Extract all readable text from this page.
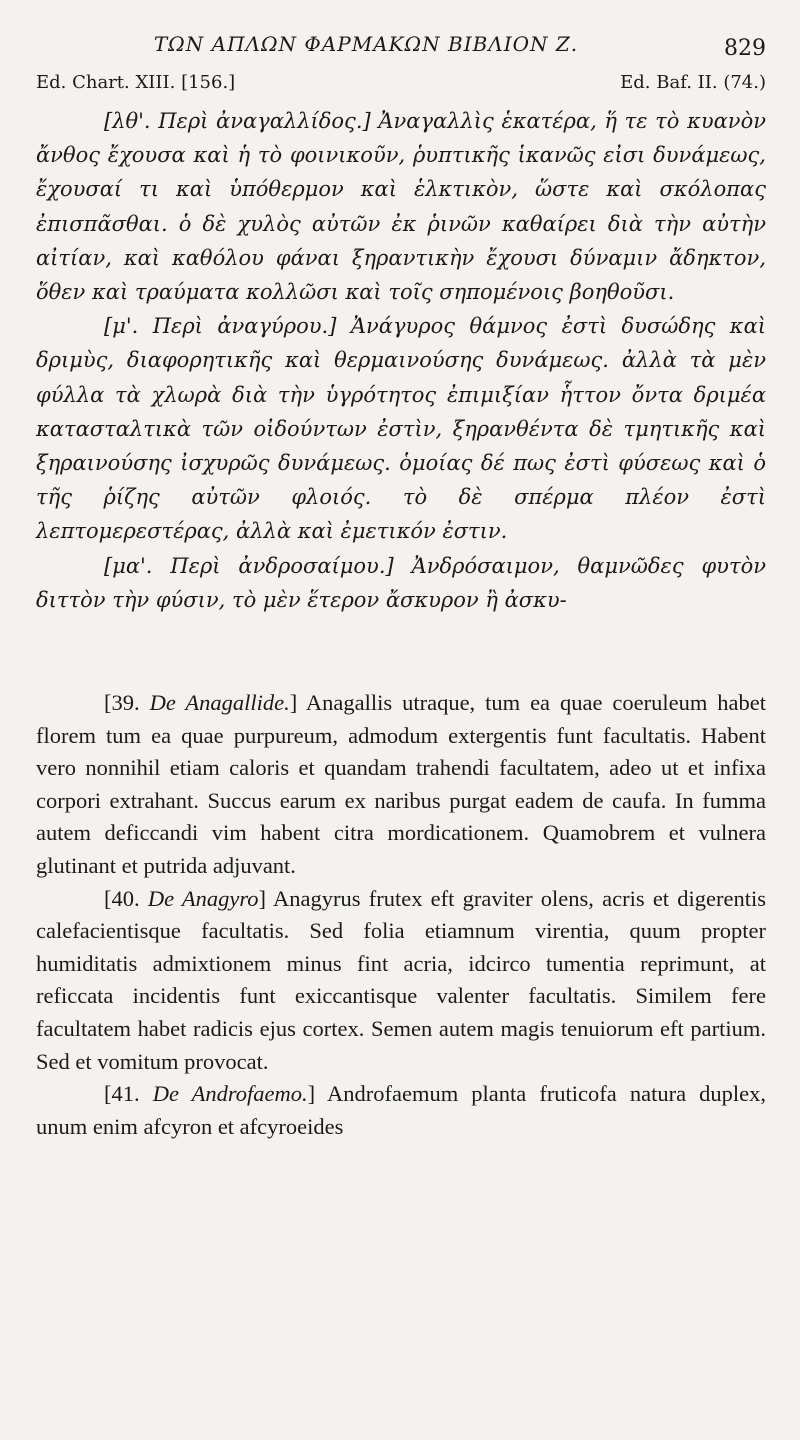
ΤΩΝ ΑΠΛΩΝ ΦΑΡΜΑΚΩΝ ΒΙΒΛΙΟΝ Ζ.	829
Ed. Chart. XIII. [156.]	Ed. Baf. II. (74.)

[λθ'. Περὶ ἀναγαλλίδος.] Ἀναγαλλὶς ἑκατέρα, ἥ τε τὸ κυανὸν ἄνθος ἔχουσα καὶ ἡ τὸ φοινικοῦν, ῥυπτικῆς ἱκανῶς εἰσι δυνάμεως, ἔχουσαί τι καὶ ὑπόθερμον καὶ ἑλκτικὸν, ὥστε καὶ σκόλοπας ἐπισπᾶσθαι. ὁ δὲ χυλὸς αὐτῶν ἐκ ῥινῶν καθαίρει διὰ τὴν αὐτὴν αἰτίαν, καὶ καθόλου φάναι ξηραντικὴν ἔχουσι δύναμιν ἄδηκτον, ὅθεν καὶ τραύματα κολλῶσι καὶ τοῖς σηπομένοις βοηθοῦσι.

[μ'. Περὶ ἀναγύρου.] Ἀνάγυρος θάμνος ἐστὶ δυσώδης καὶ δριμὺς, διαφορητικῆς καὶ θερμαινούσης δυνάμεως. ἀλλὰ τὰ μὲν φύλλα τὰ χλωρὰ διὰ τὴν ὑγρότητος ἐπιμιξίαν ἧττον ὄντα δριμέα κατασταλτικὰ τῶν οἰδούντων ἐστὶν, ξηρανθέντα δὲ τμητικῆς καὶ ξηραινούσης ἰσχυρῶς δυνάμεως. ὁμοίας δέ πως ἐστὶ φύσεως καὶ ὁ τῆς ῥίζης αὐτῶν φλοιός. τὸ δὲ σπέρμα πλέον ἐστὶ λεπτομερεστέρας, ἀλλὰ καὶ ἐμετικόν ἐστιν.

[μα'. Περὶ ἀνδροσαίμου.] Ἀνδρόσαιμον, θαμνῶδες φυτὸν διττὸν τὴν φύσιν, τὸ μὲν ἕτερον ἄσκυρον ἢ ἀσκυ-

[39. De Anagallide.] Anagallis utraque, tum ea quae coeruleum habet florem tum ea quae purpureum, admodum extergentis funt facultatis. Habent vero nonnihil etiam caloris et quandam trahendi facultatem, adeo ut et infixa corpori extrahant. Succus earum ex naribus purgat eadem de caufa. In fumma autem deficcandi vim habent citra mordicationem. Quamobrem et vulnera glutinant et putrida adjuvant.

[40. De Anagyro] Anagyrus frutex eft graviter olens, acris et digerentis calefacientisque facultatis. Sed folia etiamnum virentia, quum propter humiditatis admixtionem minus fint acria, idcirco tumentia reprimunt, at reficcata incidentis funt exiccantisque valenter facultatis. Similem fere facultatem habet radicis ejus cortex. Semen autem magis tenuiorum eft partium. Sed et vomitum provocat.

[41. De Androfaemo.] Androfaemum planta fruticofa natura duplex, unum enim afcyron et afcyroeides
